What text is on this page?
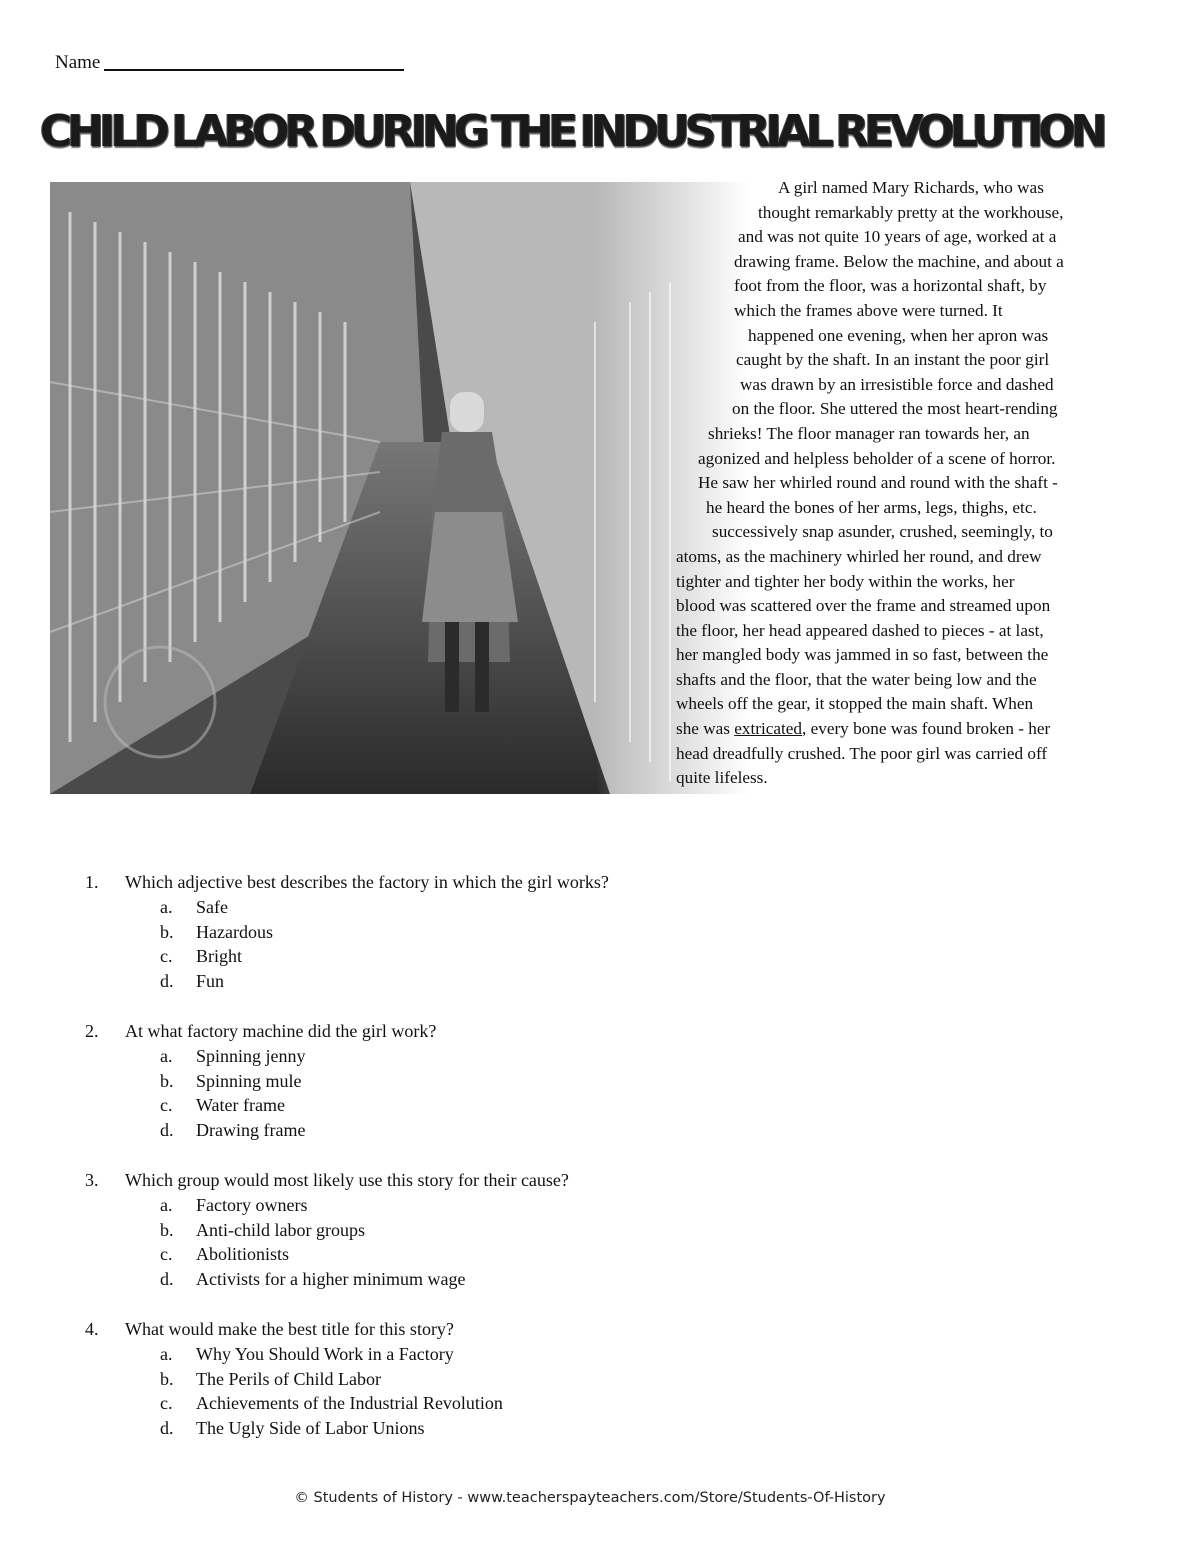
Name
CHILD LABOR DURING THE INDUSTRIAL REVOLUTION
A girl named Mary Richards, who was
thought remarkably pretty at the workhouse,
and was not quite 10 years of age, worked at a
drawing frame. Below the machine, and about a
foot from the floor, was a horizontal shaft, by
which the frames above were turned. It
happened one evening, when her apron was
caught by the shaft. In an instant the poor girl
was drawn by an irresistible force and dashed
on the floor. She uttered the most heart-rending
shrieks! The floor manager ran towards her, an
agonized and helpless beholder of a scene of horror.
He saw her whirled round and round with the shaft -
he heard the bones of her arms, legs, thighs, etc.
successively snap asunder, crushed, seemingly, to
atoms, as the machinery whirled her round, and drew
tighter and tighter her body within the works, her
blood was scattered over the frame and streamed upon
the floor, her head appeared dashed to pieces - at last,
her mangled body was jammed in so fast, between the
shafts and the floor, that the water being low and the
wheels off the gear, it stopped the main shaft. When
she was extricated, every bone was found broken - her
head dreadfully crushed. The poor girl was carried off
quite lifeless.
1.	Which adjective best describes the factory in which the girl works?
a.	Safe
b.	Hazardous
c.	Bright
d.	Fun
2.	At what factory machine did the girl work?
a.	Spinning jenny
b.	Spinning mule
c.	Water frame
d.	Drawing frame
3.	Which group would most likely use this story for their cause?
a.	Factory owners
b.	Anti-child labor groups
c.	Abolitionists
d.	Activists for a higher minimum wage
4.	What would make the best title for this story?
a.	Why You Should Work in a Factory
b.	The Perils of Child Labor
c.	Achievements of the Industrial Revolution
d.	The Ugly Side of Labor Unions
© Students of History - www.teacherspayteachers.com/Store/Students-Of-History
